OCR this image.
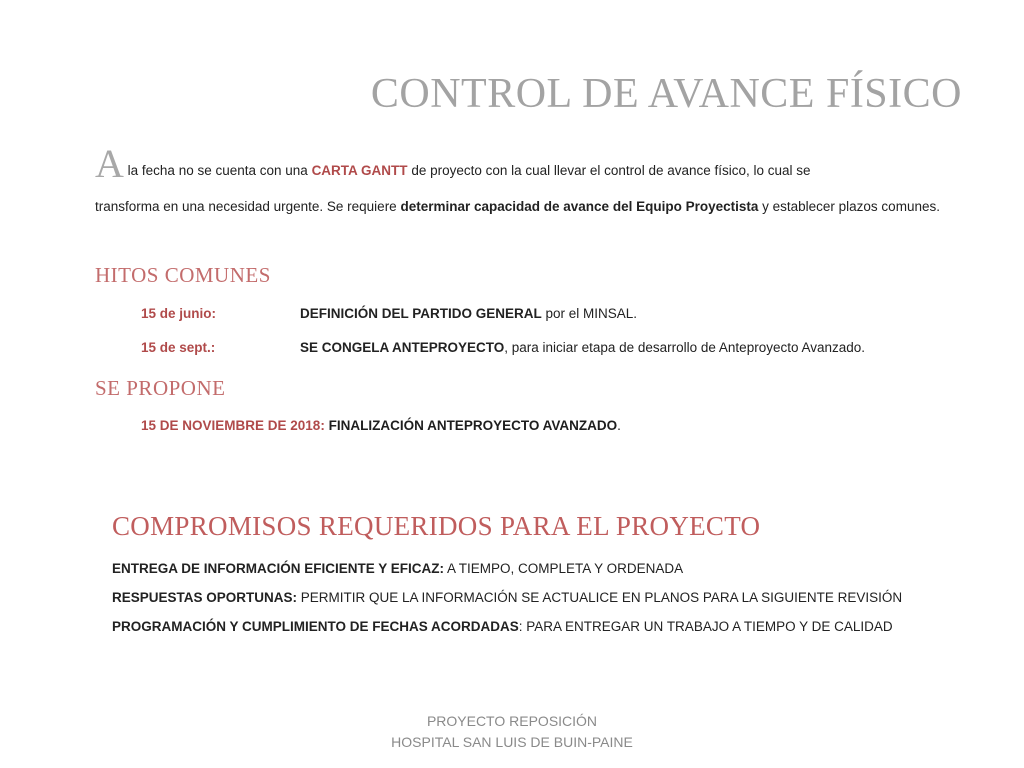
CONTROL DE AVANCE FÍSICO
A la fecha no se cuenta con una CARTA GANTT de proyecto con la cual llevar el control de avance físico, lo cual se
transforma en una necesidad urgente. Se requiere determinar capacidad de avance del Equipo Proyectista y establecer plazos comunes.
HITOS COMUNES
15 de junio:	DEFINICIÓN DEL PARTIDO GENERAL por el MINSAL.
15 de sept.:	SE CONGELA ANTEPROYECTO, para iniciar etapa de desarrollo de Anteproyecto Avanzado.
SE PROPONE
15 DE NOVIEMBRE DE 2018: FINALIZACIÓN ANTEPROYECTO AVANZADO.
COMPROMISOS REQUERIDOS PARA EL PROYECTO
ENTREGA DE INFORMACIÓN EFICIENTE Y EFICAZ: A TIEMPO, COMPLETA Y ORDENADA
RESPUESTAS OPORTUNAS: PERMITIR QUE LA INFORMACIÓN SE ACTUALICE EN PLANOS PARA LA SIGUIENTE REVISIÓN
PROGRAMACIÓN Y CUMPLIMIENTO DE FECHAS ACORDADAS: PARA ENTREGAR UN TRABAJO A TIEMPO Y DE CALIDAD
PROYECTO REPOSICIÓN
HOSPITAL SAN LUIS DE BUIN-PAINE
